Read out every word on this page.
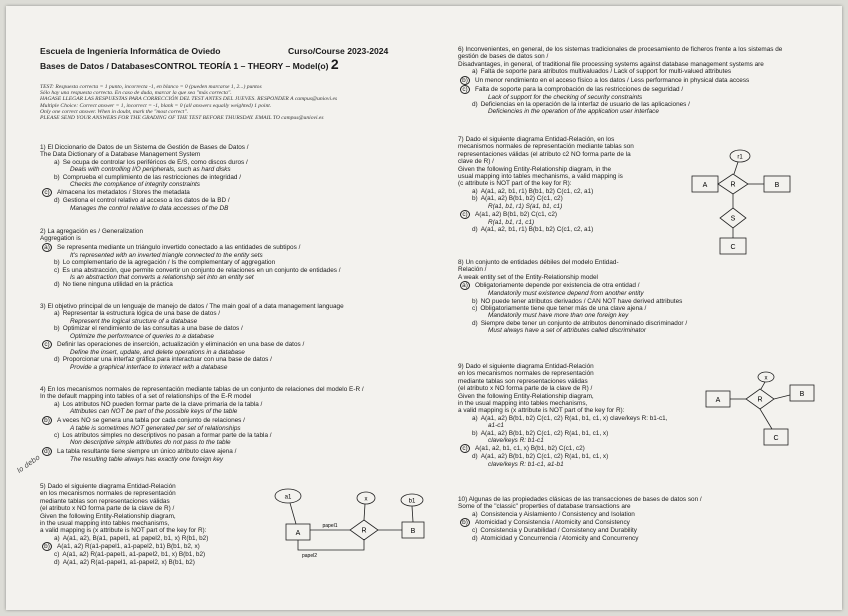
Escuela de Ingeniería Informática de Oviedo	Curso/Course 2023-2024
Bases de Datos / DatabasesCONTROL TEORÍA 1 – THEORY – Model(o) 2
TEST: Respuesta correcta = 1 punto, incorrecta -1, en blanco = 0 (pueden marcarse 1, 2...) puntos
Sólo hay una respuesta correcta. En caso de duda, marcar la que sea "más correcta".
HAGASE LLEGAR LAS RESPUESTAS PARA CORRECCIÓN DEL TEST ANTES DEL JUEVES. RESPONDER A campus@uniovi.es
Multiple Choice: Correct answer = 1, incorrect = -1, blank = 0 (all answers equally weighted) 1 point.
Only one correct answer. When in doubt, mark the "most correct".
PLEASE SEND YOUR ANSWERS FOR THE GRADING OF THE TEST BEFORE THURSDAY. EMAIL TO campus@uniovi.es
1) El Diccionario de Datos de un Sistema de Gestión de Bases de Datos /
The Data Dictionary of a Database Management System
a) Se ocupa de controlar los periféricos de E/S, como discos duros /
Deals with controlling I/O peripherals, such as hard disks
b) Comprueba el cumplimiento de las restricciones de integridad /
Checks the compliance of integrity constraints
c) Almacena los metadatos / Stores the metadata
d) Gestiona el control relativo al acceso a los datos de la BD /
Manages the control relative to data accesses of the DB
2) La agregación es / Generalization
Aggregation is
a) Se representa mediante un triángulo invertido conectado a las entidades de subtipos /
It's represented with an inverted triangle connected to the entity sets
b) Lo complementario de la agregación / Is the complementary of aggregation
c) Es una abstracción, que permite convertir un conjunto de relaciones en un conjunto de entidades /
Is an abstraction that converts a relationship set into an entity set
d) No tiene ninguna utilidad en la práctica
3) El objetivo principal de un lenguaje de manejo de datos / The main goal of a data management language
a) Representar la estructura lógica de una base de datos /
Represent the logical structure of a database
b) Optimizar el rendimiento de las consultas a una base de datos /
Optimize the performance of queries to a database
c) Definir las operaciones de inserción, actualización y eliminación en una base de datos /
Define the insert, update, and delete operations in a database
d) Proporcionar una interfaz gráfica para interactuar con una base de datos /
Provide a graphical interface to interact with a database
4) En los mecanismos normales de representación mediante tablas de un conjunto de relaciones del modelo E-R /
In the default mapping into tables of a set of relationships of the E-R model
a) Los atributos NO pueden formar parte de la clave primaria de la tabla /
Attributes can NOT be part of the possible keys of the table
b) A veces NO se genera una tabla por cada conjunto de relaciones /
A table is sometimes NOT generated per set of relationships
c) Los atributos simples no descriptivos no pasan a formar parte de la tabla /
Non descriptive simple attributes do not pass to the table
d) La tabla resultante tiene siempre un único atributo clave ajena /
The resulting table always has exactly one foreign key
5) Dado el siguiente diagrama Entidad-Relación
en los mecanismos normales de representación
mediante tablas son representaciones válidas
(el atributo x NO forma parte de la clave de R) /
Given the following Entity-Relationship diagram,
in the usual mapping into tables mechanisms,
a valid mapping is (x attribute is NOT part of the key for R):
a) A(a1, a2), B(a1, papel1, a1 papel2, b1, x) R(b1, b2)
b) A(a1, a2) R(a1-papel1, a1-papel2, b1) B(b1, b2, x)
c) A(a1, a2) R(a1-papel1, a1-papel2, b1, x) B(b1, b2)
d) A(a1, a2) R(a1-papel1, a1-papel2, x) B(b1, b2)
a1
A
papel1
papel2
R
x
B
b1
lo debo
6) Inconvenientes, en general, de los sistemas tradicionales de procesamiento de ficheros frente a los sistemas de
gestión de bases de datos son /
Disadvantages, in general, of traditional file processing systems against database management systems are
a) Falta de soporte para atributos multivaluados / Lack of support for multi-valued attributes
b) Un menor rendimiento en el acceso físico a los datos / Less performance in physical data access
c) Falta de soporte para la comprobación de las restricciones de seguridad /
Lack of support for the checking of security constraints
d) Deficiencias en la operación de la interfaz de usuario de las aplicaciones /
Deficiencies in the operation of the application user interface
7) Dado el siguiente diagrama Entidad-Relación, en los
mecanismos normales de representación mediante tablas son
representaciones válidas (el atributo c2 NO forma parte de la
clave de R) /
Given the following Entity-Relationship diagram, in the
usual mapping into tables mechanisms, a valid mapping is
(c attribute is NOT part of the key for R):
a) A(a1, a2, b1, r1) B(b1, b2) C(c1, c2, a1)
b) A(a1, a2) B(b1, b2) C(c1, c2)
R(a1, b1, r1) S(a1, b1, c1)
c) A(a1, a2) B(b1, b2) C(c1, c2)
R(a1, b1, r1, c1)
d) A(a1, a2, b1, r1) B(b1, b2) C(c1, c2, a1)
8) Un conjunto de entidades débiles del modelo Entidad-
Relación /
A weak entity set of the Entity-Relationship model
a) Obligatoriamente depende por existencia de otra entidad /
Mandatorily must existence depend from another entity
b) NO puede tener atributos derivados / CAN NOT have derived attributes
c) Obligatoriamente tiene que tener más de una clave ajena /
Mandatorily must have more than one foreign key
d) Siempre debe tener un conjunto de atributos denominado discriminador /
Must always have a set of attributes called discriminator
9) Dado el siguiente diagrama Entidad-Relación
en los mecanismos normales de representación
mediante tablas son representaciones válidas
(el atributo x NO forma parte de la clave de R) /
Given the following Entity-Relationship diagram,
in the usual mapping into tables mechanisms,
a valid mapping is (x attribute is NOT part of the key for R):
a) A(a1, a2) B(b1, b2) C(c1, c2) R(a1, b1, c1, x) clave/keys R: b1-c1,
a1-c1
b) A(a1, a2) B(b1, b2) C(c1, c2) R(a1, b1, c1, x)
clave/keys R: b1-c1
c) A(a1, a2, b1, c1, x) B(b1, b2) C(c1, c2)
d) A(a1, a2) B(b1, b2) C(c1, c2) R(a1, b1, c1, x)
clave/keys R: b1-c1, a1-b1
10) Algunas de las propiedades clásicas de las transacciones de bases de datos son /
Some of the "classic" properties of database transactions are
a) Consistencia y Aislamiento / Consistency and Isolation
b) Atomicidad y Consistencia / Atomicity and Consistency
c) Consistencia y Durabilidad / Consistency and Durability
d) Atomicidad y Concurrencia / Atomicity and Concurrency
A	R
r1
B
S
C
A	R
B
x
C
